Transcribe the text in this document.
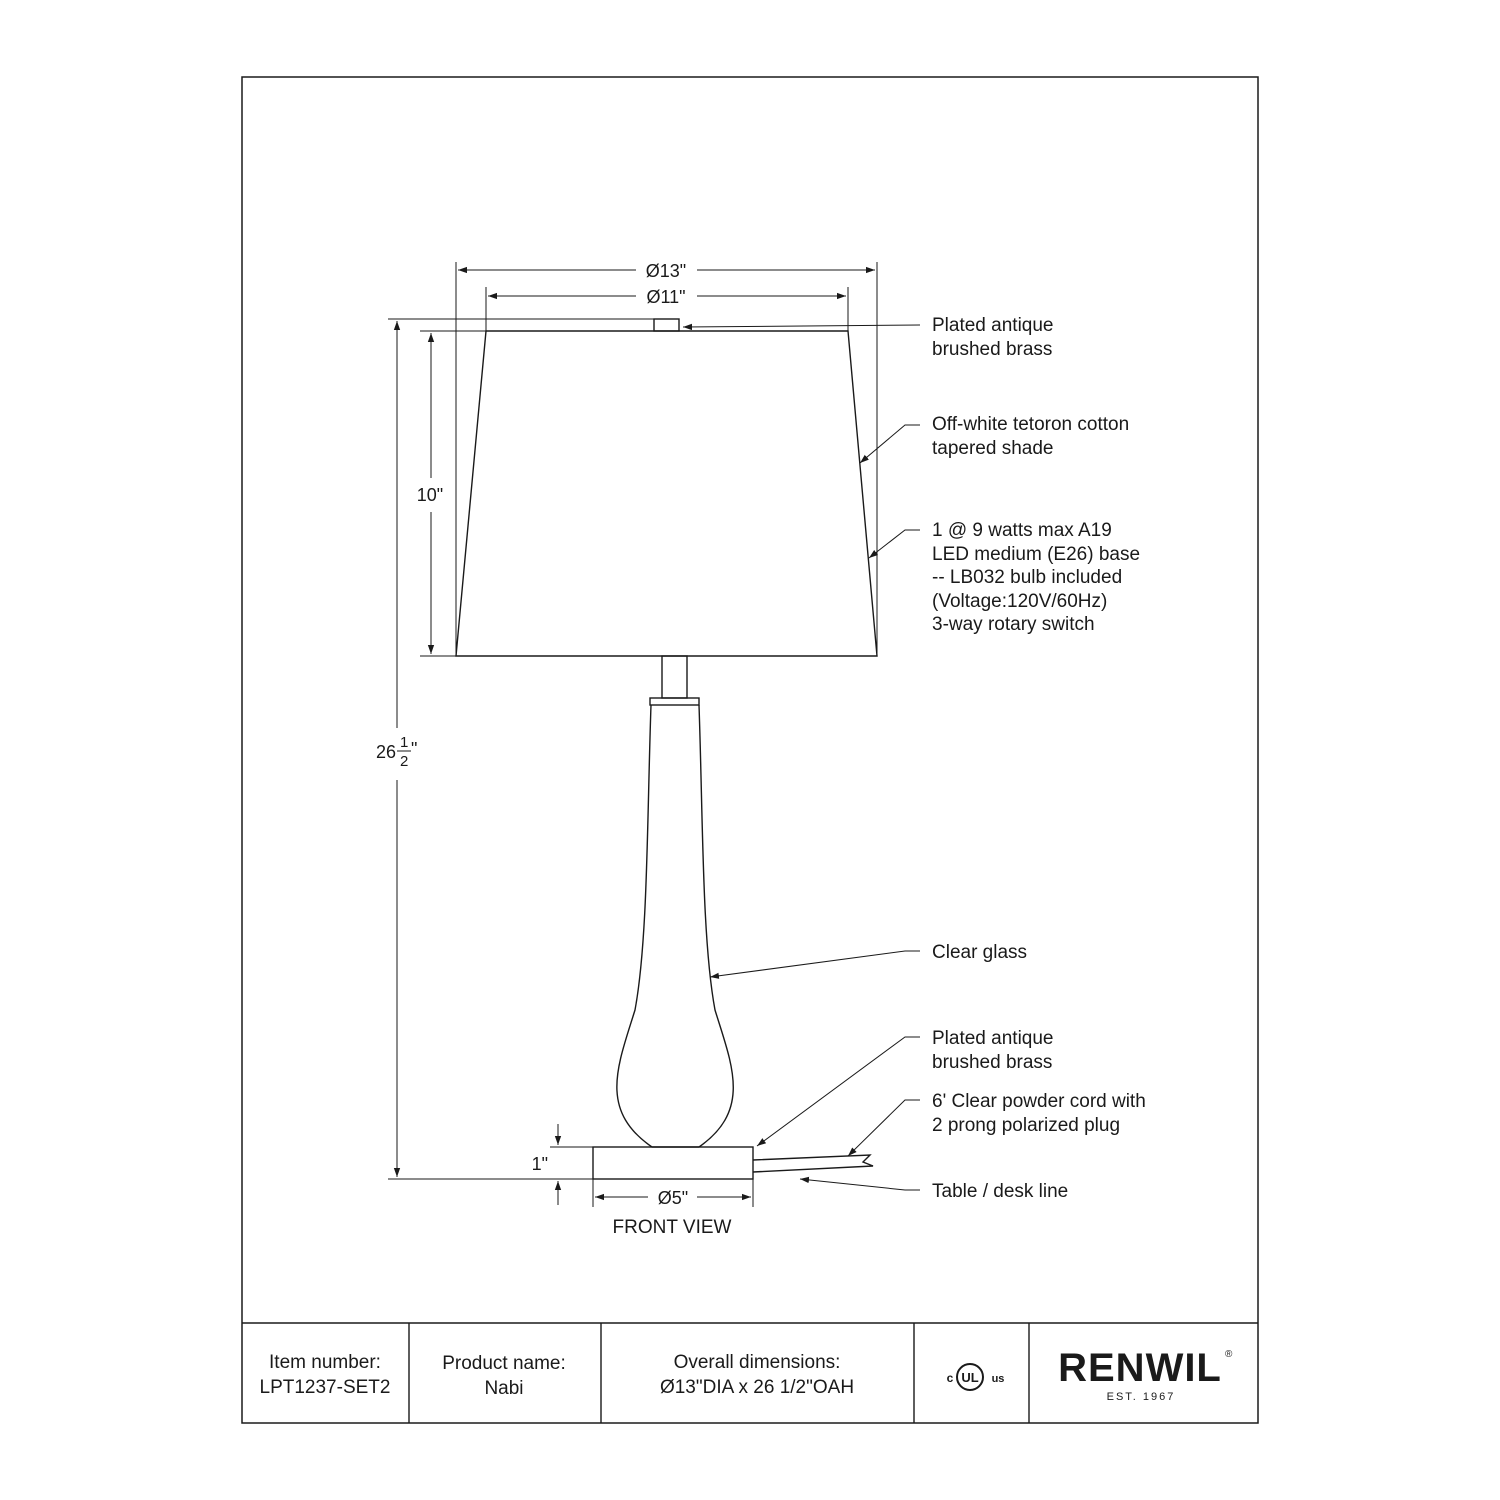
Ø13"
Ø11"
10"
26 1
2
"
1"
Ø5"
FRONT VIEW
Plated antique
brushed brass
Off-white tetoron cotton
tapered shade
1 @ 9 watts max A19
LED medium (E26) base
-- LB032 bulb included
(Voltage:120V/60Hz)
3-way rotary switch
Clear glass
Plated antique
brushed brass
6' Clear powder cord with
2 prong polarized plug
Table / desk line
Item number:
LPT1237-SET2
Product name:
Nabi
Overall dimensions:
Ø13"DIA x 26 1/2"OAH	c UL us RENWIL ®
EST. 1967
